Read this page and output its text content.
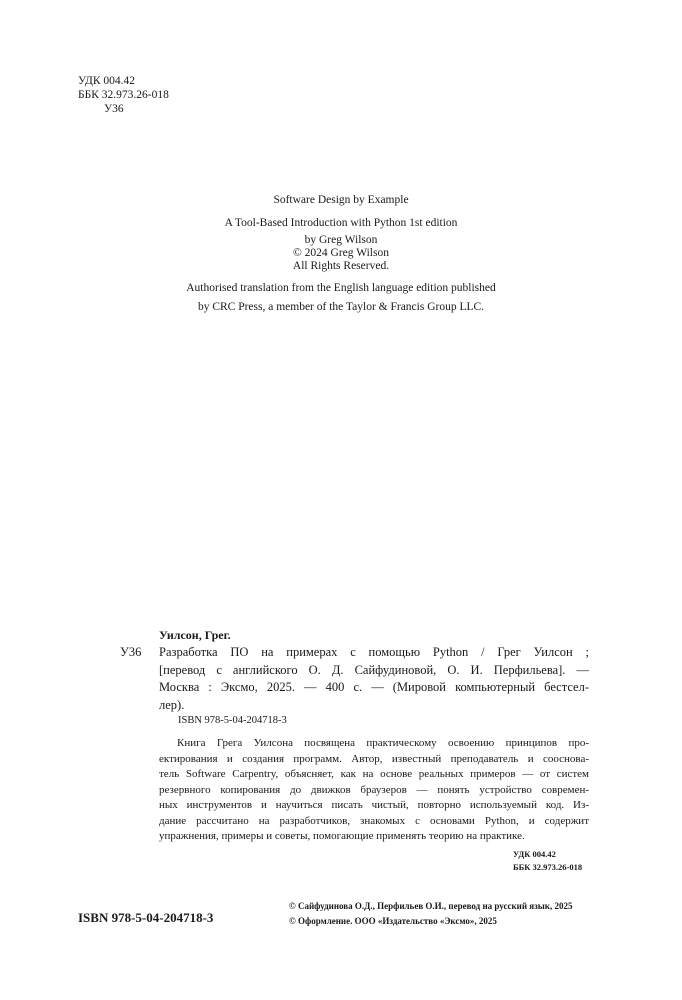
УДК 004.42
ББК 32.973.26-018
У36
Software Design by Example
A Tool-Based Introduction with Python 1st edition
by Greg Wilson
© 2024 Greg Wilson
All Rights Reserved.
Authorised translation from the English language edition published
by CRC Press, a member of the Taylor & Francis Group LLC.
Уилсон, Грег.
У36 Разработка ПО на примерах с помощью Python / Грег Уилсон ;
[перевод с английского О. Д. Сайфудиновой, О. И. Перфильева]. —
Москва : Эксмо, 2025. — 400 с. — (Мировой компьютерный бестсел-
лер).
ISBN 978-5-04-204718-3
Книга Грега Уилсона посвящена практическому освоению принципов про-
ектирования и создания программ. Автор, известный преподаватель и сооснова-
тель Software Carpentry, объясняет, как на основе реальных примеров — от систем
резервного копирования до движков браузеров — понять устройство современ-
ных инструментов и научиться писать чистый, повторно используемый код. Из-
дание рассчитано на разработчиков, знакомых с основами Python, и содержит
упражнения, примеры и советы, помогающие применять теорию на практике.
УДК 004.42
ББК 32.973.26-018
ISBN 978-5-04-204718-3
© Сайфудинова О.Д., Перфильев О.И., перевод на русский язык, 2025
© Оформление. ООО «Издательство «Эксмо», 2025
